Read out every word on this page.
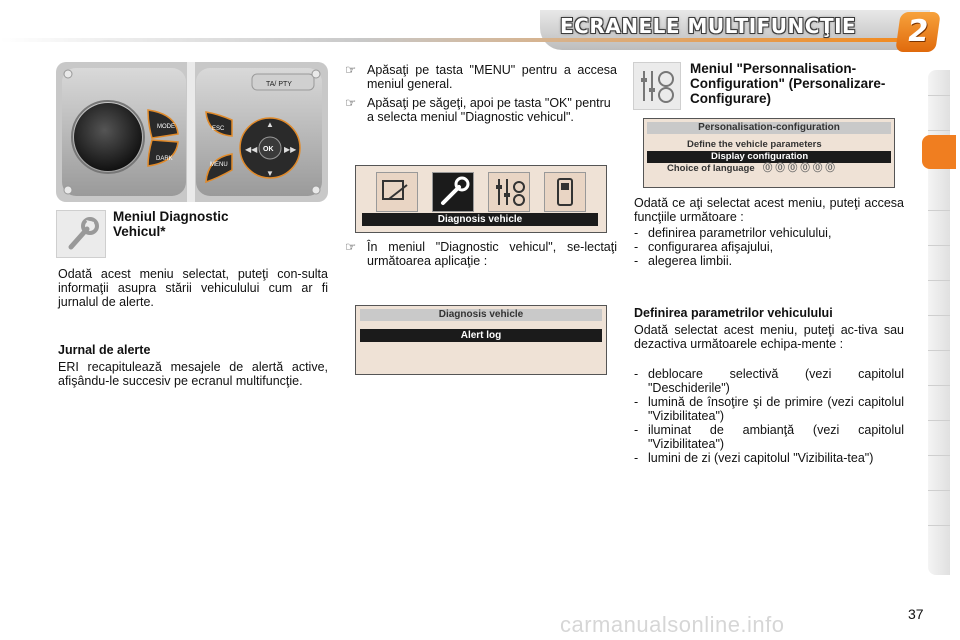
ECRANELE MULTIFUNCŢIE	2
MODE
DARK
ESC
MENU
OK
▲
▼
◀◀	▶▶
TA/ PTY
Meniul Diagnostic Vehicul*
Odată acest meniu selectat, puteţi con-sulta informaţii asupra stării vehiculului cum ar fi jurnalul de alerte.
Jurnal de alerte
ERI recapitulează mesajele de alertă active, afişându-le succesiv pe ecranul multifuncţie.
☞ Apăsaţi pe tasta "MENU" pentru a accesa meniul general.
☞ Apăsaţi pe săgeţi, apoi pe tasta "OK" pentru a selecta meniul "Diagnostic vehicul".
Diagnosis vehicle
☞ În meniul "Diagnostic vehicul", se-lectaţi următoarea aplicaţie :
Diagnosis vehicle
Alert log
Meniul "Personnalisation-Configuration" (Personalizare-Configurare)
Personalisation-configuration
Define the vehicle parameters
Display configuration
Choice of language  ⓪⓪⓪⓪⓪⓪
Odată ce aţi selectat acest meniu, puteţi accesa funcţiile următoare :
- definirea parametrilor vehiculului,
- configurarea afişajului,
- alegerea limbii.
Definirea parametrilor vehiculului
Odată selectat acest meniu, puteţi ac-tiva sau dezactiva următoarele echipa-mente :
- deblocare selectivă (vezi capitolul "Deschiderile")
- lumină de însoţire şi de primire (vezi capitolul "Vizibilitatea")
- iluminat de ambianţă (vezi capitolul "Vizibilitatea")
- lumini de zi (vezi capitolul "Vizibilita-tea")
37
carmanualsonline.info
